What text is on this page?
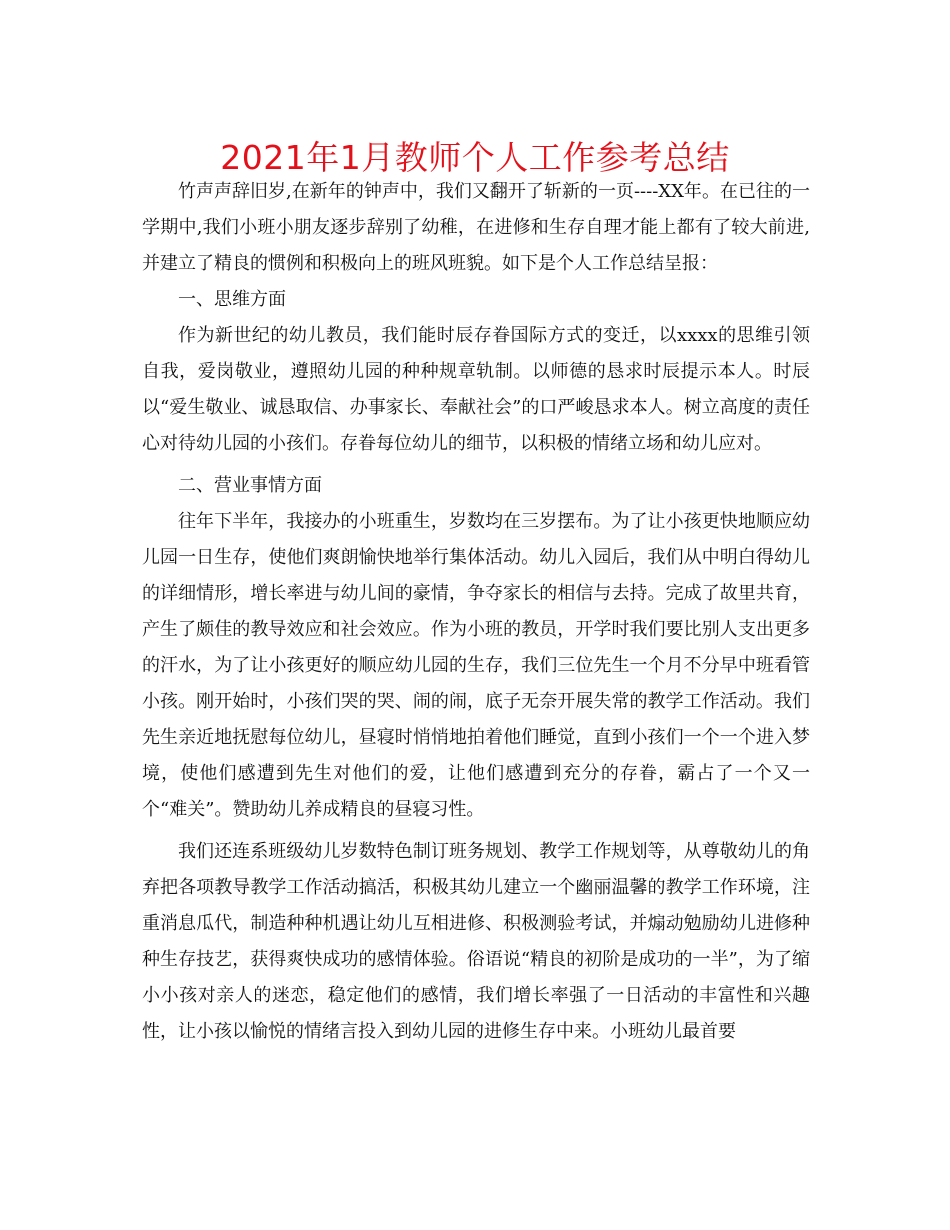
2021年1月教师个人工作参考总结

竹声声辞旧岁,在新年的钟声中，我们又翻开了斩新的一页----XX年。在已往的一学期中,我们小班小朋友逐步辞别了幼稚，在进修和生存自理才能上都有了较大前进,并建立了精良的惯例和积极向上的班风班貌。如下是个人工作总结呈报：

一、思维方面

作为新世纪的幼儿教员，我们能时辰存眷国际方式的变迁，以xxxx的思维引领自我，爱岗敬业，遵照幼儿园的种种规章轨制。以师德的恳求时辰提示本人。时辰以“爱生敬业、诚恳取信、办事家长、奉献社会”的口严峻恳求本人。树立高度的责任心对待幼儿园的小孩们。存眷每位幼儿的细节，以积极的情绪立场和幼儿应对。

二、营业事情方面

往年下半年，我接办的小班重生，岁数均在三岁摆布。为了让小孩更快地顺应幼儿园一日生存，使他们爽朗愉快地举行集体活动。幼儿入园后，我们从中明白得幼儿的详细情形，增长率进与幼儿间的豪情，争夺家长的相信与去持。完成了故里共育，产生了颇佳的教导效应和社会效应。作为小班的教员，开学时我们要比别人支出更多的汗水，为了让小孩更好的顺应幼儿园的生存，我们三位先生一个月不分早中班看管小孩。刚开始时，小孩们哭的哭、闹的闹，底子无奈开展失常的教学工作活动。我们先生亲近地抚慰每位幼儿，昼寝时悄悄地拍着他们睡觉，直到小孩们一个一个进入梦境，使他们感遭到先生对他们的爱，让他们感遭到充分的存眷，霸占了一个又一个“难关”。赞助幼儿养成精良的昼寝习性。

我们还连系班级幼儿岁数特色制订班务规划、教学工作规划等，从尊敬幼儿的角弃把各项教导教学工作活动搞活，积极其幼儿建立一个幽丽温馨的教学工作环境，注重消息瓜代，制造种种机遇让幼儿互相进修、积极测验考试，并煽动勉励幼儿进修种种生存技艺，获得爽快成功的感情体验。俗语说“精良的初阶是成功的一半”，为了缩小小孩对亲人的迷恋，稳定他们的感情，我们增长率强了一日活动的丰富性和兴趣性，让小孩以愉悦的情绪言投入到幼儿园的进修生存中来。小班幼儿最首要
